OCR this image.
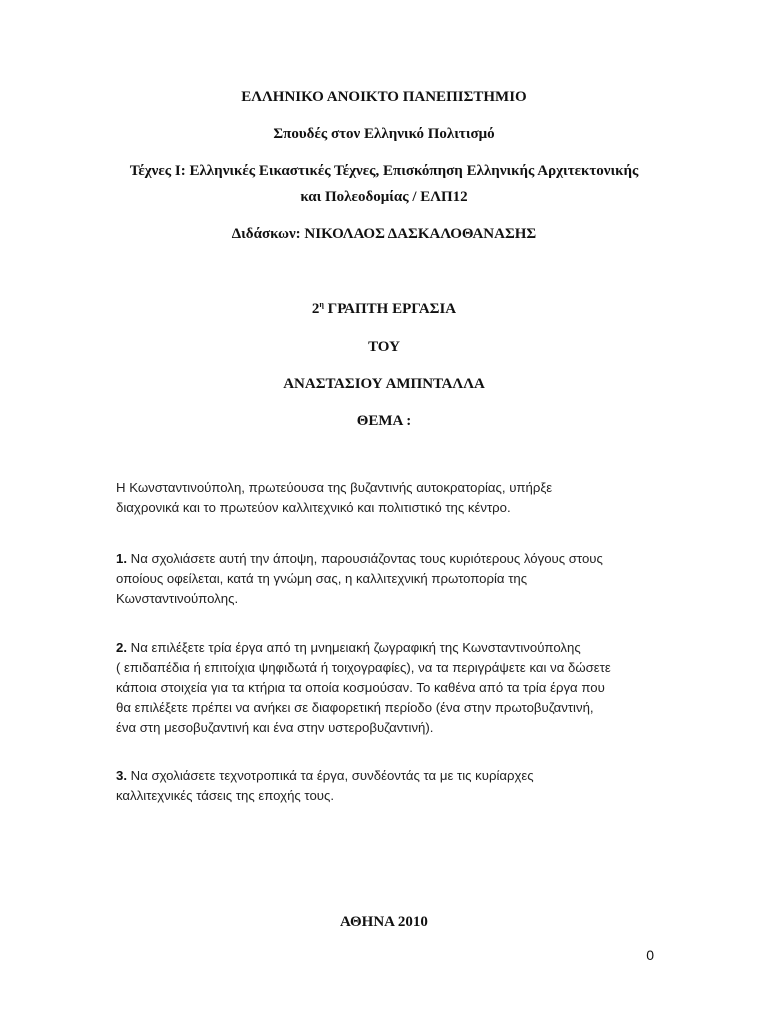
ΕΛΛΗΝΙΚΟ ΑΝΟΙΚΤΟ ΠΑΝΕΠΙΣΤΗΜΙΟ
Σπουδές στον Ελληνικό Πολιτισμό
Τέχνες Ι: Ελληνικές Εικαστικές Τέχνες, Επισκόπηση Ελληνικής Αρχιτεκτονικής
και Πολεοδομίας / ΕΛΠ12
Διδάσκων: ΝΙΚΟΛΑΟΣ ΔΑΣΚΑΛΟΘΑΝΑΣΗΣ
$2^\eta$ ΓΡΑΠΤΗ ΕΡΓΑΣΙΑ
ΤΟΥ
ΑΝΑΣΤΑΣΙΟΥ ΑΜΠΝΤΑΛΛΑ
ΘΕΜΑ :
Η Κωνσταντινούπολη, πρωτεύουσα της βυζαντινής αυτοκρατορίας, υπήρξε
διαχρονικά και το πρωτεύον καλλιτεχνικό και πολιτιστικό της κέντρο.
1. Να σχολιάσετε αυτή την άποψη, παρουσιάζοντας τους κυριότερους λόγους στους
οποίους οφείλεται, κατά τη γνώμη σας, η καλλιτεχνική πρωτοπορία της
Κωνσταντινούπολης.
2. Να επιλέξετε τρία έργα από τη μνημειακή ζωγραφική της Κωνσταντινούπολης
( επιδαπέδια ή επιτοίχια ψηφιδωτά ή τοιχογραφίες), να τα περιγράψετε και να δώσετε
κάποια στοιχεία για τα κτήρια τα οποία κοσμούσαν. Το καθένα από τα τρία έργα που
θα επιλέξετε πρέπει να ανήκει σε διαφορετική περίοδο (ένα στην πρωτοβυζαντινή,
ένα στη μεσοβυζαντινή και ένα στην υστεροβυζαντινή).
3. Να σχολιάσετε τεχνοτροπικά τα έργα, συνδέοντάς τα με τις κυρίαρχες
καλλιτεχνικές τάσεις της εποχής τους.
ΑΘΗΝΑ 2010
0
